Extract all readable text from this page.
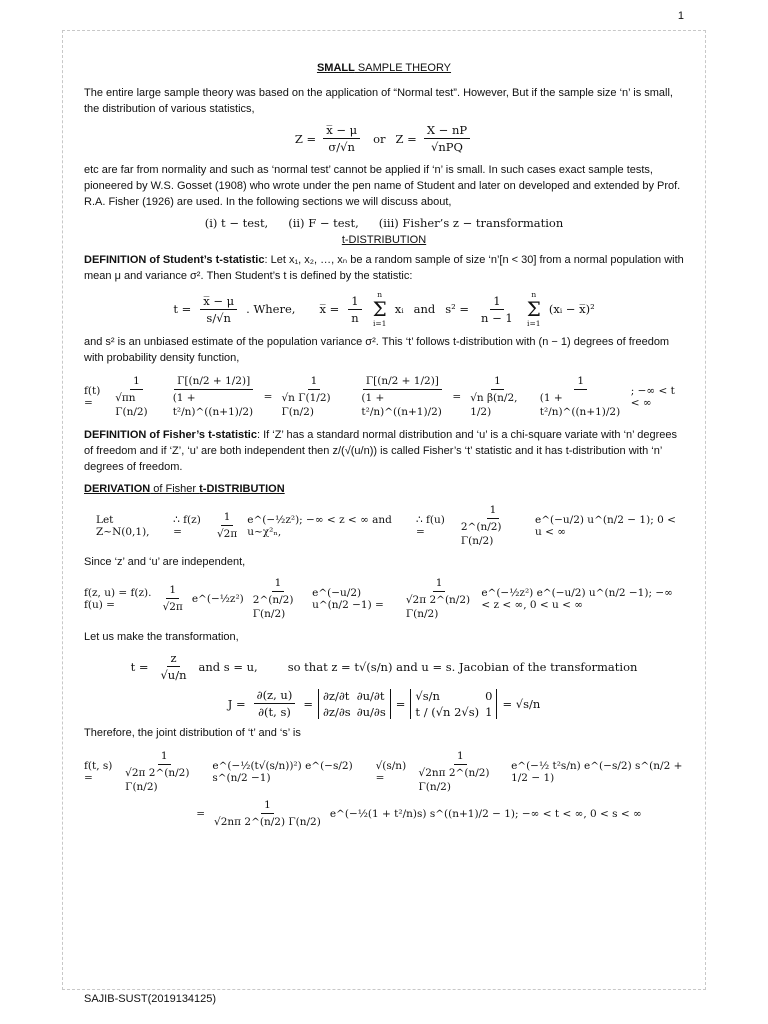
1
SMALL SAMPLE THEORY

The entire large sample theory was based on the application of “Normal test”. However, But if the sample size ‘n’ is small, the distribution of various statistics,

$Z = \frac{x̅ - \mu}{\sigma/√n}$ or $Z = \frac{X - nP}{\text{√nPQ}}$

etc are far from normality and such as ‘normal test’ cannot be applied if ‘n’ is small. In such cases exact sample tests, pioneered by W.S. Gosset (1908) who wrote under the pen name of Student and later on developed and extended by Prof. R.A. Fisher (1926) are used. In the following sections we will discuss about,

(i) t − test, (ii) F − test, (iii) Fisher’s z − transformation
t-DISTRIBUTION

DEFINITION of Student’s t-statistic: Let x₁, x₂, …, xₙ be a random sample of size ‘n’[n < 30] from a normal population with mean μ and variance σ². Then Student’s t is defined by the statistic:

$t = \frac{x̅ - \mu}{s/√n}$ . Where, x̅ = $\frac{1}{n}$ n
Σ
i=1
xᵢ and $s^2 = \frac{1}{n - 1}$ n
Σ
i=1
(xᵢ − x̅)²

and s² is an unbiased estimate of the population variance σ². This ‘t’ follows t-distribution with (n − 1) degrees of freedom with probability density function,

f(t) =	$\frac{1}{\text{√πn Γ(n/2)}} \frac{\Gamma[(n/2 + 1/2)]}{\text{(1 + t²/n)\textasciicircum{}((n+1)/2)}} = \frac{1}{\text{√n Γ(1/2) Γ(n/2)}} \frac{\Gamma[(n/2 + 1/2)]}{\text{(1 + t²/n)\textasciicircum{}((n+1)/2)}} = \frac{1}{\text{√n β(n/2, 1/2)}} \frac{1}{\text{(1 + t²/n)\textasciicircum{}((n+1)/2)}}$ ; −∞ < t < ∞

DEFINITION of Fisher’s t-statistic: If ‘Z’ has a standard normal distribution and ‘u’ is a chi-square variate with ‘n’ degrees of freedom and if ‘Z’, ‘u’ are both independent then z/(√(u/n)) is called Fisher’s ‘t’ statistic and it has t-distribution with ‘n’ degrees of freedom.

DERIVATION of Fisher t-DISTRIBUTION

Let Z~N(0,1),
∴ f(z) =	$\frac{1}{√2\pi}$ e^(−½z²); −∞ < z < ∞ and u~χ²ₙ,
∴ f(u) =	$\frac{1}{2\^{}(n/2) \Gamma(n/2)}$ e^(−u/2) u^(n/2 − 1); 0 < u < ∞

Since ‘z’ and ‘u’ are independent,

f(z, u) = f(z). f(u) =	$\frac{1}{√2\pi}$ e^(−½z²) $\frac{1}{2\^{}(n/2) \Gamma(n/2)}$ e^(−u/2) u^(n/2 −1) =	$\frac{1}{√2\pi 2\^{}(n/2) \Gamma(n/2)}$ e^(−½z²) e^(−u/2) u^(n/2 −1); −∞ < z < ∞, 0 < u < ∞

Let us make the transformation,

$t = \frac{z}{√u/n}$ and s = u,	so that z = t√(s/n) and u = s. Jacobian of the transformation
$J = \frac{\partial(z, u)}{\partial(t, s)}$ =
∂z/∂t ∂u/∂t
∂z/∂s ∂u/∂s
=
√s/n	0
t / (√n 2√s) 1
= √s/n

Therefore, the joint distribution of ‘t’ and ‘s’ is

f(t, s) =	$\frac{1}{√2\pi 2\^{}(n/2) \Gamma(n/2)}$ e^(−½(t√(s/n))²) e^(−s/2) s^(n/2 −1)
√(s/n) =	$\frac{1}{√2n\pi 2\^{}(n/2) \Gamma(n/2)}$ e^(−½ t²s/n) e^(−s/2) s^(n/2 + 1/2 − 1)
= $\frac{1}{√2n\pi 2\^{}(n/2) \Gamma(n/2)}$ e^(−½(1 + t²/n)s) s^((n+1)/2 − 1); −∞ < t < ∞, 0 < s < ∞
SAJIB-SUST(2019134125)
